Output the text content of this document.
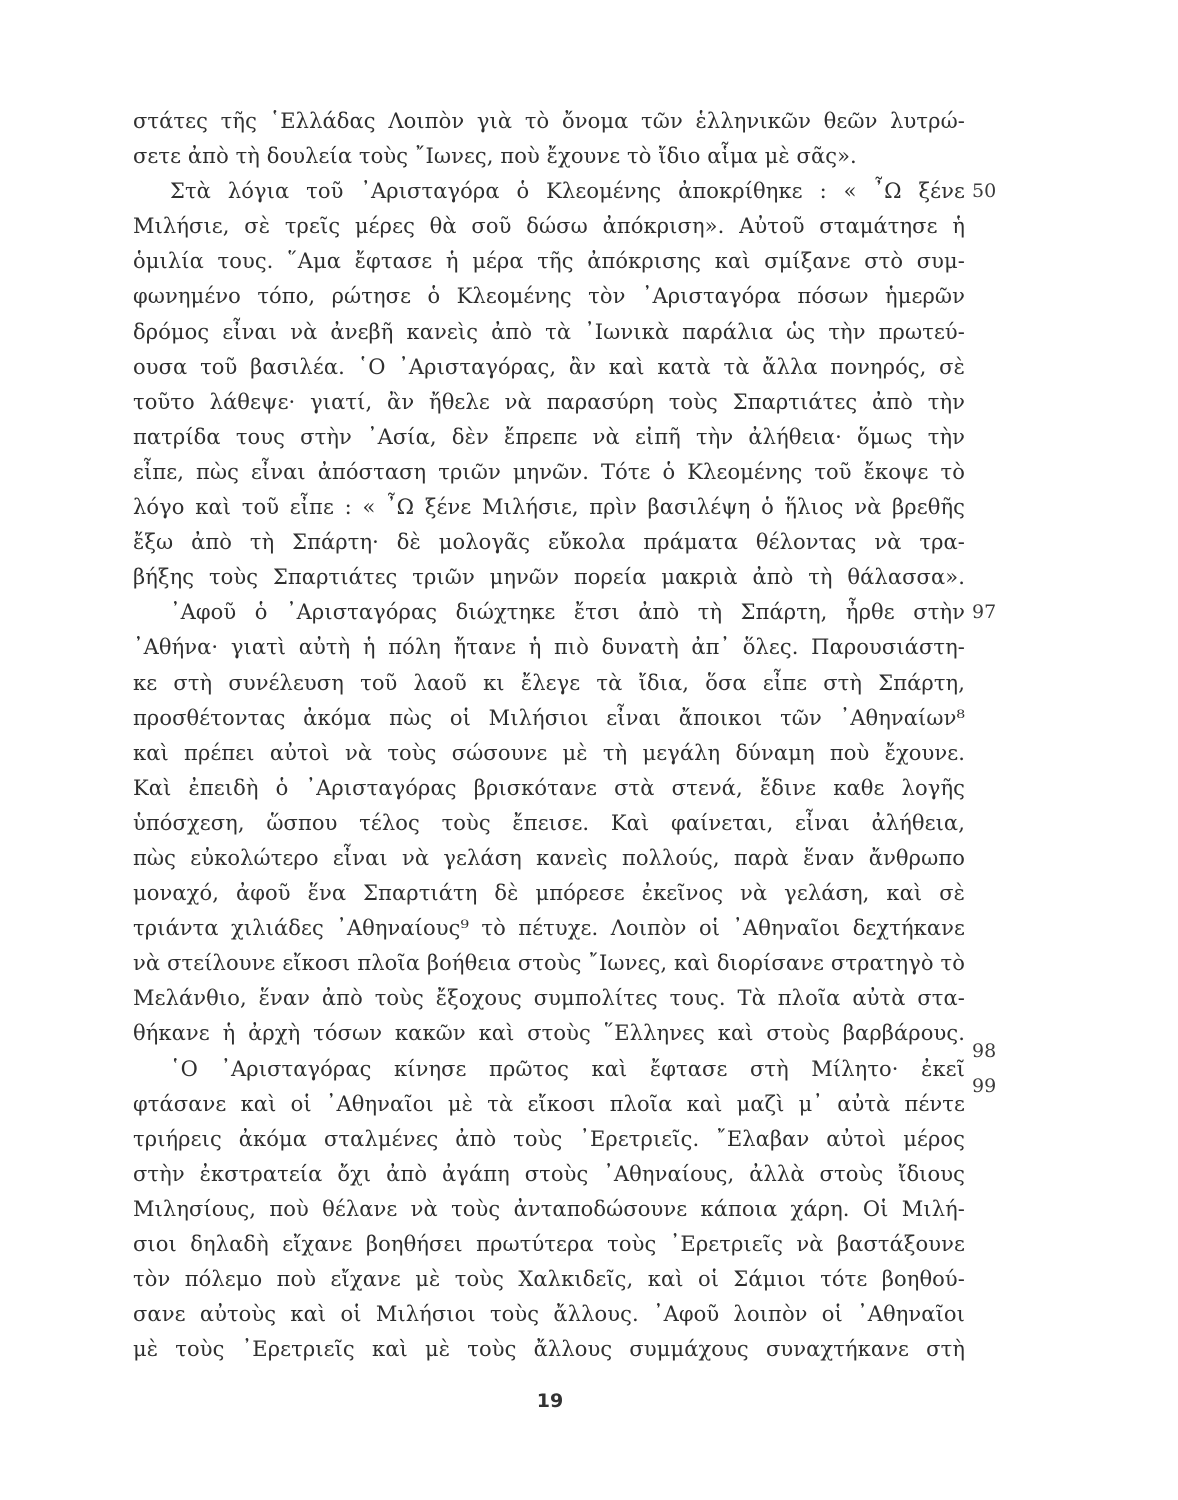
στάτες τῆς ῾Ελλάδας Λοιπὸν γιὰ τὸ ὄνομα τῶν ἑλληνικῶν θεῶν λυτρώ-
σετε ἀπὸ τὴ δουλεία τοὺς ῎Ιωνες, ποὺ ἔχουνε τὸ ἴδιο αἷμα μὲ σᾶς».
Στὰ λόγια τοῦ ᾽Αρισταγόρα ὁ Κλεομένης ἀποκρίθηκε : « ῏Ω ξένε
Μιλήσιε, σὲ τρεῖς μέρες θὰ σοῦ δώσω ἀπόκριση». Αὐτοῦ σταμάτησε ἡ
ὁμιλία τους. ῞Αμα ἔφτασε ἡ μέρα τῆς ἀπόκρισης καὶ σμίξανε στὸ συμ-
φωνημένο τόπο, ρώτησε ὁ Κλεομένης τὸν ᾽Αρισταγόρα πόσων ἡμερῶν
δρόμος εἶναι νὰ ἀνεβῆ κανεὶς ἀπὸ τὰ ᾽Ιωνικὰ παράλια ὡς τὴν πρωτεύ-
ουσα τοῦ βασιλέα. ῾Ο ᾽Αρισταγόρας, ἂν καὶ κατὰ τὰ ἄλλα πονηρός, σὲ
τοῦτο λάθεψε· γιατί, ἂν ἤθελε νὰ παρασύρη τοὺς Σπαρτιάτες ἀπὸ τὴν
πατρίδα τους στὴν ᾽Ασία, δὲν ἔπρεπε νὰ εἰπῆ τὴν ἀλήθεια· ὅμως τὴν
εἶπε, πὼς εἶναι ἀπόσταση τριῶν μηνῶν. Τότε ὁ Κλεομένης τοῦ ἔκοψε τὸ
λόγο καὶ τοῦ εἶπε : « ῏Ω ξένε Μιλήσιε, πρὶν βασιλέψη ὁ ἥλιος νὰ βρεθῆς
ἔξω ἀπὸ τὴ Σπάρτη· δὲ μολογᾶς εὔκολα πράματα θέλοντας νὰ τρα-
βήξης τοὺς Σπαρτιάτες τριῶν μηνῶν πορεία μακριὰ ἀπὸ τὴ θάλασσα».
᾽Αφοῦ ὁ ᾽Αρισταγόρας διώχτηκε ἔτσι ἀπὸ τὴ Σπάρτη, ἦρθε στὴν
᾽Αθήνα· γιατὶ αὐτὴ ἡ πόλη ἤτανε ἡ πιὸ δυνατὴ ἀπ᾽ ὅλες. Παρουσιάστη-
κε στὴ συνέλευση τοῦ λαοῦ κι ἔλεγε τὰ ἴδια, ὅσα εἶπε στὴ Σπάρτη,
προσθέτοντας ἀκόμα πὼς οἱ Μιλήσιοι εἶναι ἄποικοι τῶν ᾽Αθηναίων⁸
καὶ πρέπει αὐτοὶ νὰ τοὺς σώσουνε μὲ τὴ μεγάλη δύναμη ποὺ ἔχουνε.
Καὶ ἐπειδὴ ὁ ᾽Αρισταγόρας βρισκότανε στὰ στενά, ἔδινε καθε λογῆς
ὑπόσχεση, ὥσπου τέλος τοὺς ἔπεισε. Καὶ φαίνεται, εἶναι ἀλήθεια,
πὼς εὐκολώτερο εἶναι νὰ γελάση κανεὶς πολλούς, παρὰ ἕναν ἄνθρωπο
μοναχό, ἀφοῦ ἕνα Σπαρτιάτη δὲ μπόρεσε ἐκεῖνος νὰ γελάση, καὶ σὲ
τριάντα χιλιάδες ᾽Αθηναίους⁹ τὸ πέτυχε. Λοιπὸν οἱ ᾽Αθηναῖοι δεχτήκανε
νὰ στείλουνε εἴκοσι πλοῖα βοήθεια στοὺς ῎Ιωνες, καὶ διορίσανε στρατηγὸ τὸ
Μελάνθιο, ἕναν ἀπὸ τοὺς ἔξοχους συμπολίτες τους. Τὰ πλοῖα αὐτὰ στα-
θήκανε ἡ ἀρχὴ τόσων κακῶν καὶ στοὺς ῞Ελληνες καὶ στοὺς βαρβάρους.
῾Ο ᾽Αρισταγόρας κίνησε πρῶτος καὶ ἔφτασε στὴ Μίλητο· ἐκεῖ
φτάσανε καὶ οἱ ᾽Αθηναῖοι μὲ τὰ εἴκοσι πλοῖα καὶ μαζὶ μ᾽ αὐτὰ πέντε
τριήρεις ἀκόμα σταλμένες ἀπὸ τοὺς ᾽Ερετριεῖς. ῎Ελαβαν αὐτοὶ μέρος
στὴν ἐκστρατεία ὄχι ἀπὸ ἀγάπη στοὺς ᾽Αθηναίους, ἀλλὰ στοὺς ἴδιους
Μιλησίους, ποὺ θέλανε νὰ τοὺς ἀνταποδώσουνε κάποια χάρη. Οἱ Μιλή-
σιοι δηλαδὴ εἴχανε βοηθήσει πρωτύτερα τοὺς ᾽Ερετριεῖς νὰ βαστάξουνε
τὸν πόλεμο ποὺ εἴχανε μὲ τοὺς Χαλκιδεῖς, καὶ οἱ Σάμιοι τότε βοηθού-
σανε αὐτοὺς καὶ οἱ Μιλήσιοι τοὺς ἄλλους. ᾽Αφοῦ λοιπὸν οἱ ᾽Αθηναῖοι
μὲ τοὺς ᾽Ερετριεῖς καὶ μὲ τοὺς ἄλλους συμμάχους συναχτήκανε στὴ
50
97
98
99
19
